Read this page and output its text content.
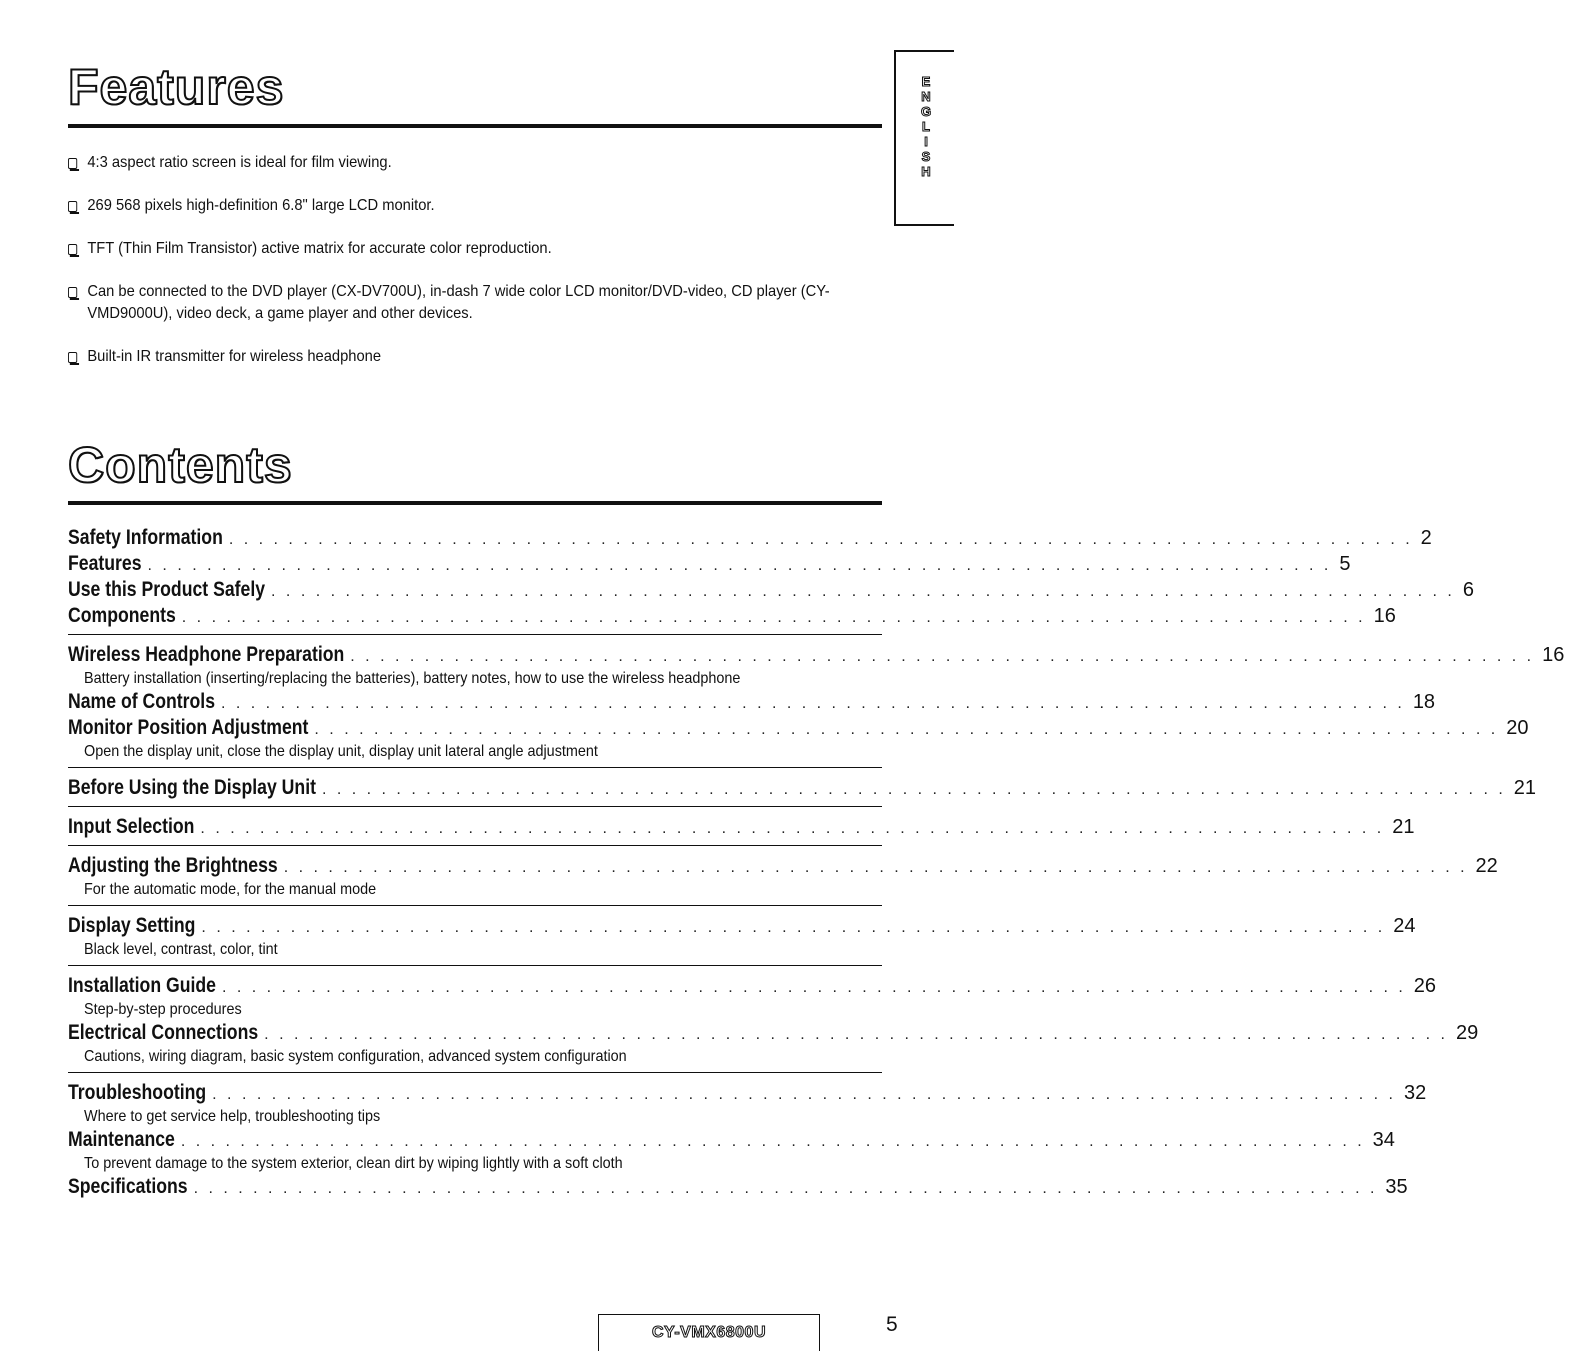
Features	E
N
G
L
I
S
H
4:3 aspect ratio screen is ideal for film viewing.
269 568 pixels high-definition 6.8" large LCD monitor.
TFT (Thin Film Transistor) active matrix for accurate color reproduction.
Can be connected to the DVD player (CX-DV700U), in-dash 7 wide color LCD monitor/DVD-video, CD player (CY-VMD9000U), video deck, a game player and other devices.
Built-in IR transmitter for wireless headphone
Contents
Safety Information . . . . . . . . . . . . . . . . . . . . . . . . . . . . . . . . . . . . . . . . . . . . . . . . . . . . . . . . . . . . . . . . . . . . . . . . . . . . . . . . 2
Features . . . . . . . . . . . . . . . . . . . . . . . . . . . . . . . . . . . . . . . . . . . . . . . . . . . . . . . . . . . . . . . . . . . . . . . . . . . . . . . . 5
Use this Product Safely . . . . . . . . . . . . . . . . . . . . . . . . . . . . . . . . . . . . . . . . . . . . . . . . . . . . . . . . . . . . . . . . . . . . . . . . . . . . . . . . 6
Components . . . . . . . . . . . . . . . . . . . . . . . . . . . . . . . . . . . . . . . . . . . . . . . . . . . . . . . . . . . . . . . . . . . . . . . . . . . . . . . . 16
Wireless Headphone Preparation . . . . . . . . . . . . . . . . . . . . . . . . . . . . . . . . . . . . . . . . . . . . . . . . . . . . . . . . . . . . . . . . . . . . . . . . . . . . . . . . 16
Battery installation (inserting/replacing the batteries), battery notes, how to use the wireless headphone
Name of Controls . . . . . . . . . . . . . . . . . . . . . . . . . . . . . . . . . . . . . . . . . . . . . . . . . . . . . . . . . . . . . . . . . . . . . . . . . . . . . . . . 18
Monitor Position Adjustment . . . . . . . . . . . . . . . . . . . . . . . . . . . . . . . . . . . . . . . . . . . . . . . . . . . . . . . . . . . . . . . . . . . . . . . . . . . . . . . . 20
Open the display unit, close the display unit, display unit lateral angle adjustment
Before Using the Display Unit . . . . . . . . . . . . . . . . . . . . . . . . . . . . . . . . . . . . . . . . . . . . . . . . . . . . . . . . . . . . . . . . . . . . . . . . . . . . . . . . 21
Input Selection . . . . . . . . . . . . . . . . . . . . . . . . . . . . . . . . . . . . . . . . . . . . . . . . . . . . . . . . . . . . . . . . . . . . . . . . . . . . . . . . 21
Adjusting the Brightness . . . . . . . . . . . . . . . . . . . . . . . . . . . . . . . . . . . . . . . . . . . . . . . . . . . . . . . . . . . . . . . . . . . . . . . . . . . . . . . . 22
For the automatic mode, for the manual mode
Display Setting . . . . . . . . . . . . . . . . . . . . . . . . . . . . . . . . . . . . . . . . . . . . . . . . . . . . . . . . . . . . . . . . . . . . . . . . . . . . . . . . 24
Black level, contrast, color, tint
Installation Guide . . . . . . . . . . . . . . . . . . . . . . . . . . . . . . . . . . . . . . . . . . . . . . . . . . . . . . . . . . . . . . . . . . . . . . . . . . . . . . . . 26
Step-by-step procedures
Electrical Connections . . . . . . . . . . . . . . . . . . . . . . . . . . . . . . . . . . . . . . . . . . . . . . . . . . . . . . . . . . . . . . . . . . . . . . . . . . . . . . . . 29
Cautions, wiring diagram, basic system configuration, advanced system configuration
Troubleshooting . . . . . . . . . . . . . . . . . . . . . . . . . . . . . . . . . . . . . . . . . . . . . . . . . . . . . . . . . . . . . . . . . . . . . . . . . . . . . . . . 32
Where to get service help, troubleshooting tips
Maintenance . . . . . . . . . . . . . . . . . . . . . . . . . . . . . . . . . . . . . . . . . . . . . . . . . . . . . . . . . . . . . . . . . . . . . . . . . . . . . . . . 34
To prevent damage to the system exterior, clean dirt by wiping lightly with a soft cloth
Specifications . . . . . . . . . . . . . . . . . . . . . . . . . . . . . . . . . . . . . . . . . . . . . . . . . . . . . . . . . . . . . . . . . . . . . . . . . . . . . . . . 35
CY-VMX6800U	5
